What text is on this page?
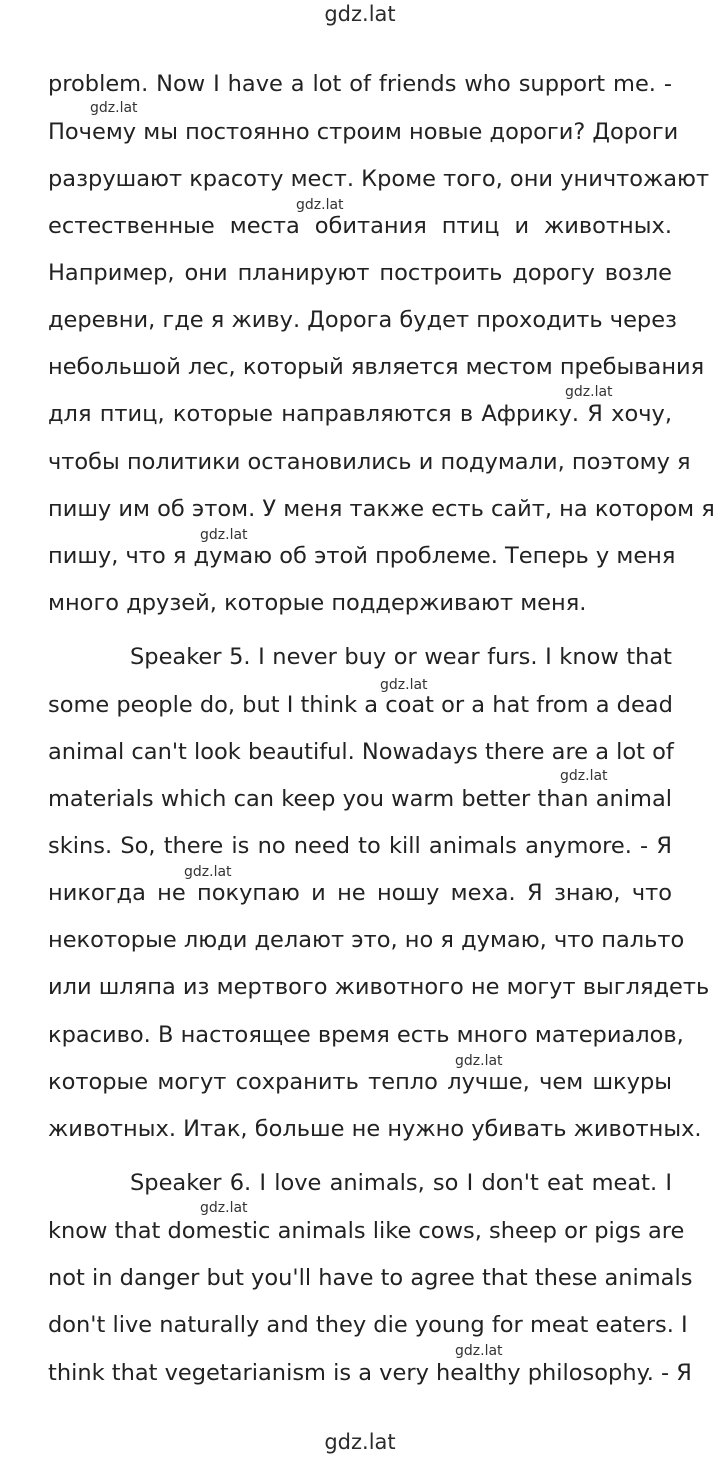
gdz.lat
problem. Now I have a lot of friends who support me. -
Почему мы постоянно строим новые дороги? Дороги
разрушают красоту мест. Кроме того, они уничтожают
естественные места обитания птиц и животных.
Например, они планируют построить дорогу возле
деревни, где я живу. Дорога будет проходить через
небольшой лес, который является местом пребывания
для птиц, которые направляются в Африку. Я хочу,
чтобы политики остановились и подумали, поэтому я
пишу им об этом. У меня также есть сайт, на котором я
пишу, что я думаю об этой проблеме. Теперь у меня
много друзей, которые поддерживают меня.
Speaker 5. I never buy or wear furs. I know that
some people do, but I think a coat or a hat from a dead
animal can't look beautiful. Nowadays there are a lot of
materials which can keep you warm better than animal
skins. So, there is no need to kill animals anymore. - Я
никогда не покупаю и не ношу меха. Я знаю, что
некоторые люди делают это, но я думаю, что пальто
или шляпа из мертвого животного не могут выглядеть
красиво. В настоящее время есть много материалов,
которые могут сохранить тепло лучше, чем шкуры
животных. Итак, больше не нужно убивать животных.
Speaker 6. I love animals, so I don't eat meat. I
know that domestic animals like cows, sheep or pigs are
not in danger but you'll have to agree that these animals
don't live naturally and they die young for meat eaters. I
think that vegetarianism is a very healthy philosophy. - Я
gdz.lat
gdz.lat
gdz.lat
gdz.lat
gdz.lat
gdz.lat
gdz.lat
gdz.lat
gdz.lat
gdz.lat
gdz.lat
